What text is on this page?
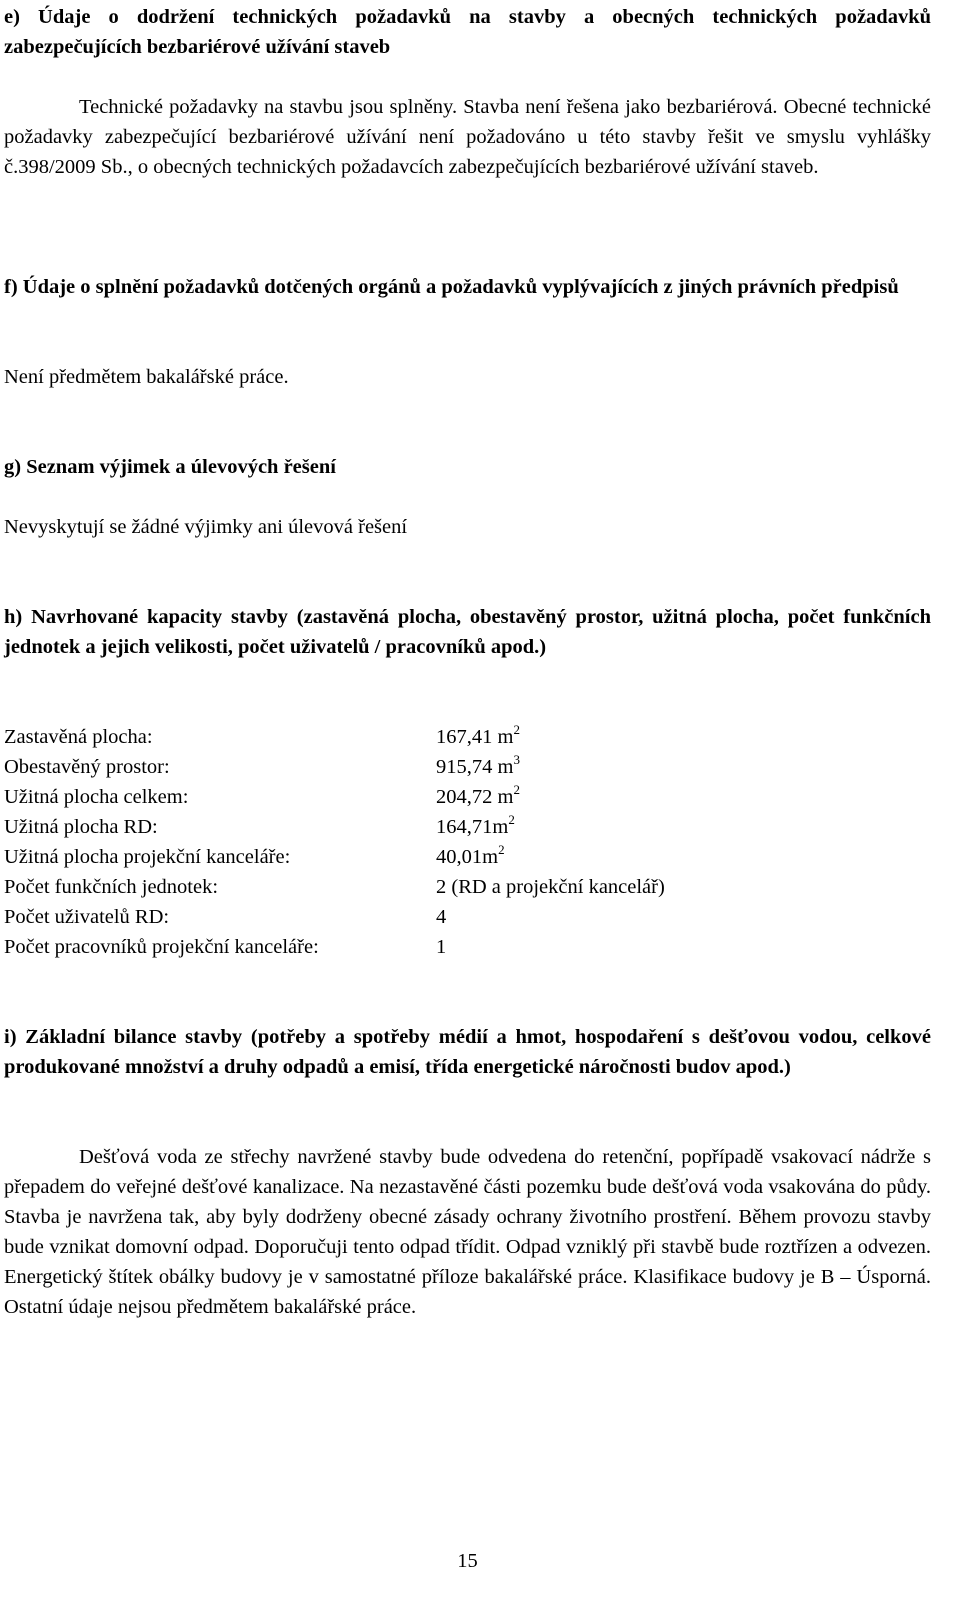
e) Údaje o dodržení technických požadavků na stavby a obecných technických požadavků zabezpečujících bezbariérové užívání staveb

Technické požadavky na stavbu jsou splněny. Stavba není řešena jako bezbariérová. Obecné technické požadavky zabezpečující bezbariérové užívání není požadováno u této stavby řešit ve smyslu vyhlášky č.398/2009 Sb., o obecných technických požadavcích zabezpečujících bezbariérové užívání staveb.

f) Údaje o splnění požadavků dotčených orgánů a požadavků vyplývajících z jiných právních předpisů

Není předmětem bakalářské práce.

g) Seznam výjimek a úlevových řešení

Nevyskytují se žádné výjimky ani úlevová řešení

h) Navrhované kapacity stavby (zastavěná plocha, obestavěný prostor, užitná plocha, počet funkčních jednotek a jejich velikosti, počet uživatelů / pracovníků apod.)

Zastavěná plocha:	167,41 $m^2$
Obestavěný prostor:	915,74 $m^3$
Užitná plocha celkem:	204,72 $m^2$
Užitná plocha RD:	$164,71m^2$
Užitná plocha projekční kanceláře:	$40,01m^2$
Počet funkčních jednotek:	2 (RD a projekční kancelář)
Počet uživatelů RD:	4
Počet pracovníků projekční kanceláře:	1

i) Základní bilance stavby (potřeby a spotřeby médií a hmot, hospodaření s dešťovou vodou, celkové produkované množství a druhy odpadů a emisí, třída energetické náročnosti budov apod.)

Dešťová voda ze střechy navržené stavby bude odvedena do retenční, popřípadě vsakovací nádrže s přepadem do veřejné dešťové kanalizace. Na nezastavěné části pozemku bude dešťová voda vsakována do půdy. Stavba je navržena tak, aby byly dodrženy obecné zásady ochrany životního prostření. Během provozu stavby bude vznikat domovní odpad. Doporučuji tento odpad třídit. Odpad vzniklý při stavbě bude roztřízen a odvezen. Energetický štítek obálky budovy je v samostatné příloze bakalářské práce. Klasifikace budovy je B – Úsporná. Ostatní údaje nejsou předmětem bakalářské práce.

15
